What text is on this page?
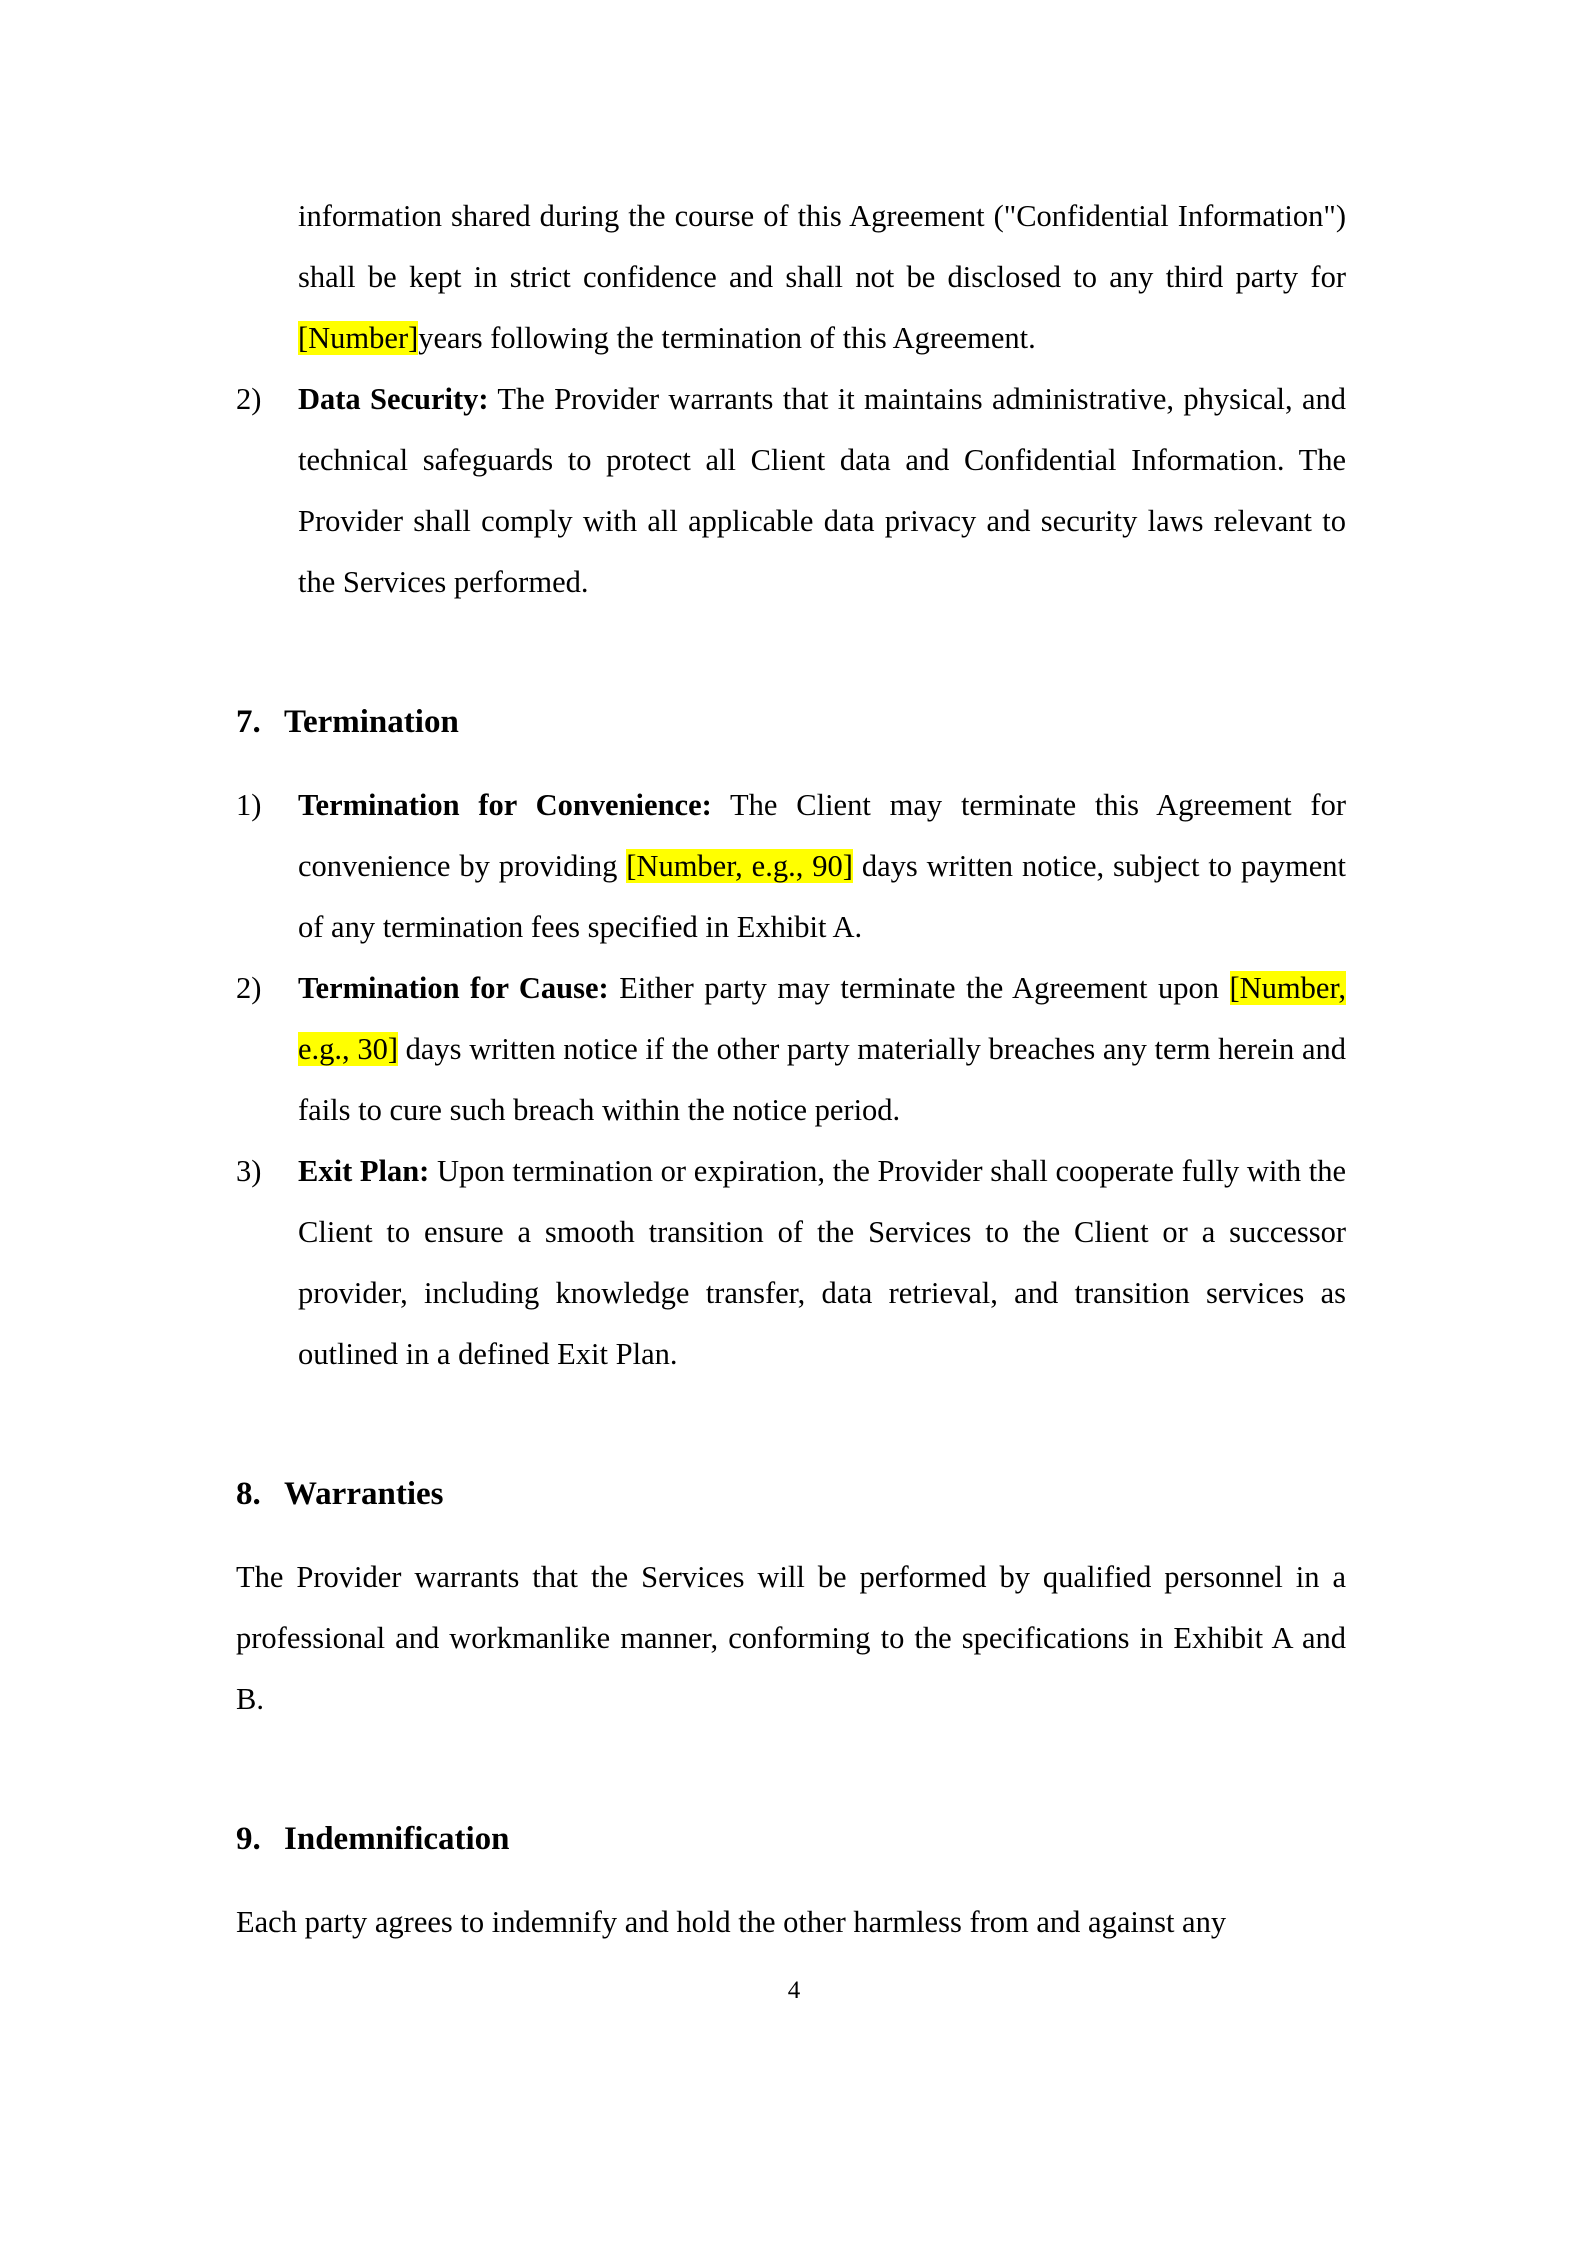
information shared during the course of this Agreement ("Confidential Information") shall be kept in strict confidence and shall not be disclosed to any third party for [Number]years following the termination of this Agreement.

2)	Data Security: The Provider warrants that it maintains administrative, physical, and technical safeguards to protect all Client data and Confidential Information. The Provider shall comply with all applicable data privacy and security laws relevant to the Services performed.

7. Termination

1)	Termination for Convenience: The Client may terminate this Agreement for convenience by providing [Number, e.g., 90] days written notice, subject to payment of any termination fees specified in Exhibit A.

2)	Termination for Cause: Either party may terminate the Agreement upon [Number, e.g., 30] days written notice if the other party materially breaches any term herein and fails to cure such breach within the notice period.

3)	Exit Plan: Upon termination or expiration, the Provider shall cooperate fully with the Client to ensure a smooth transition of the Services to the Client or a successor provider, including knowledge transfer, data retrieval, and transition services as outlined in a defined Exit Plan.

8. Warranties

The Provider warrants that the Services will be performed by qualified personnel in a professional and workmanlike manner, conforming to the specifications in Exhibit A and B.

9. Indemnification

Each party agrees to indemnify and hold the other harmless from and against any

4
